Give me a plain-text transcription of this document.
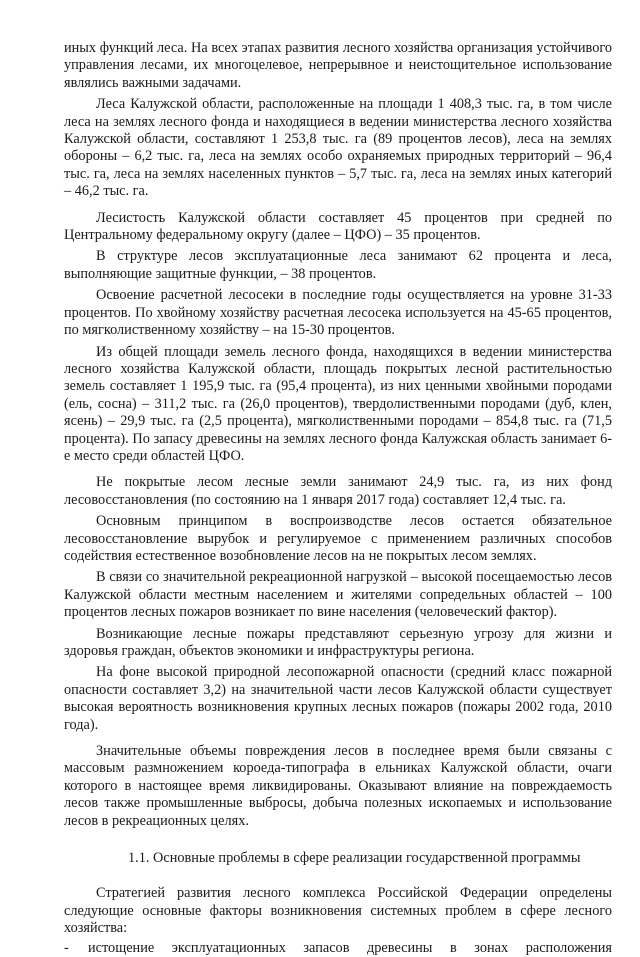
иных функций леса. На всех этапах развития лесного хозяйства организация устойчивого управления лесами, их многоцелевое, непрерывное и неистощительное использование являлись важными задачами.

Леса Калужской области, расположенные на площади 1 408,3 тыс. га, в том числе леса на землях лесного фонда и находящиеся в ведении министерства лесного хозяйства Калужской области, составляют 1 253,8 тыс. га (89 процентов лесов), леса на землях обороны – 6,2 тыс. га, леса на землях особо охраняемых природных территорий – 96,4 тыс. га, леса на землях населенных пунктов – 5,7 тыс. га, леса на землях иных категорий – 46,2 тыс. га.

Лесистость Калужской области составляет 45 процентов при средней по Центральному федеральному округу (далее – ЦФО) – 35 процентов.

В структуре лесов эксплуатационные леса занимают 62 процента и леса, выполняющие защитные функции, – 38 процентов.

Освоение расчетной лесосеки в последние годы осуществляется на уровне 31-33 процентов. По хвойному хозяйству расчетная лесосека используется на 45-65 процентов, по мягколиственному хозяйству – на 15-30 процентов.

Из общей площади земель лесного фонда, находящихся в ведении министерства лесного хозяйства Калужской области, площадь покрытых лесной растительностью земель составляет 1 195,9 тыс. га (95,4 процента), из них ценными хвойными породами (ель, сосна) – 311,2 тыс. га (26,0 процентов), твердолиственными породами (дуб, клен, ясень) – 29,9 тыс. га (2,5 процента), мягколиственными породами – 854,8 тыс. га (71,5 процента). По запасу древесины на землях лесного фонда Калужская область занимает 6-е место среди областей ЦФО.

Не покрытые лесом лесные земли занимают 24,9 тыс. га, из них фонд лесовосстановления (по состоянию на 1 января 2017 года) составляет 12,4 тыс. га.

Основным принципом в воспроизводстве лесов остается обязательное лесовосстановление вырубок и регулируемое с применением различных способов содействия естественное возобновление лесов на не покрытых лесом землях.

В связи со значительной рекреационной нагрузкой – высокой посещаемостью лесов Калужской области местным населением и жителями сопредельных областей – 100 процентов лесных пожаров возникает по вине населения (человеческий фактор).

Возникающие лесные пожары представляют серьезную угрозу для жизни и здоровья граждан, объектов экономики и инфраструктуры региона.

На фоне высокой природной лесопожарной опасности (средний класс пожарной опасности составляет 3,2) на значительной части лесов Калужской области существует высокая вероятность возникновения крупных лесных пожаров (пожары 2002 года, 2010 года).

Значительные объемы повреждения лесов в последнее время были связаны с массовым размножением короеда-типографа в ельниках Калужской области, очаги которого в настоящее время ликвидированы. Оказывают влияние на повреждаемость лесов также промышленные выбросы, добыча полезных ископаемых и использование лесов в рекреационных целях.

1.1. Основные проблемы в сфере реализации государственной программы

Стратегией развития лесного комплекса Российской Федерации определены следующие основные факторы возникновения системных проблем в сфере лесного хозяйства:

- истощение эксплуатационных запасов древесины в зонах расположения
